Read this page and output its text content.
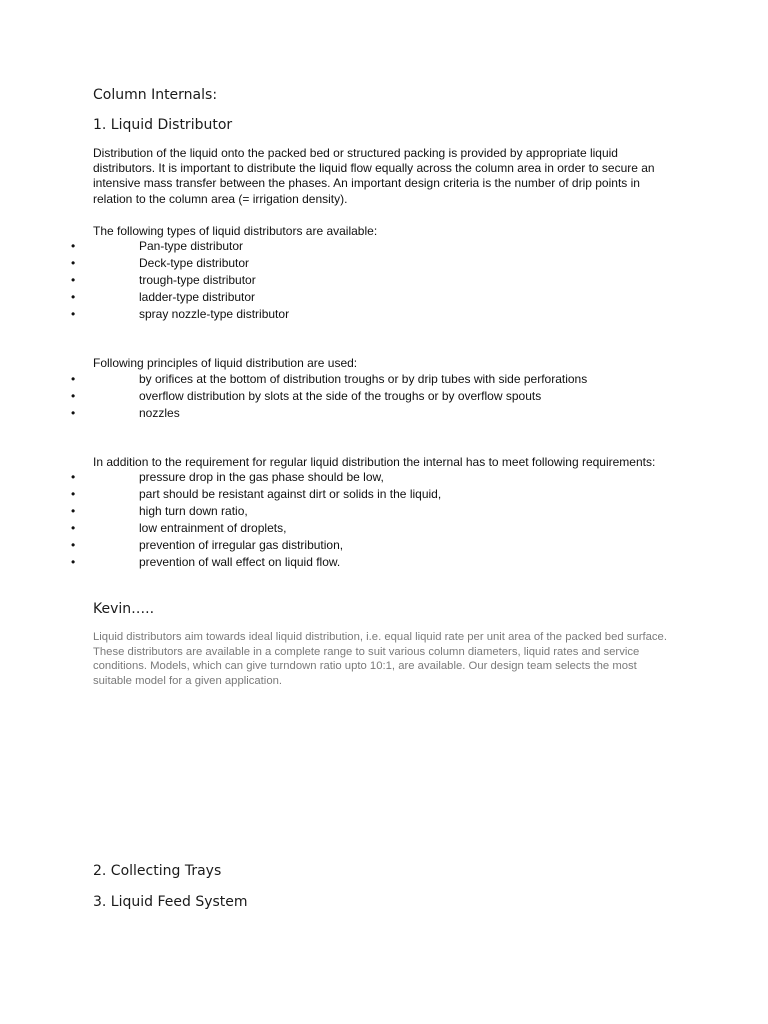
Column Internals:
1. Liquid Distributor
Distribution of the liquid onto the packed bed or structured packing is provided by appropriate liquid distributors. It is important to distribute the liquid flow equally across the column area in order to secure an intensive mass transfer between the phases. An important design criteria is the number of drip points in relation to the column area (= irrigation density).
The following types of liquid distributors are available:
•	Pan-type distributor
•	Deck-type distributor
•	trough-type distributor
•	ladder-type distributor
•	spray nozzle-type distributor
Following principles of liquid distribution are used:
•	by orifices at the bottom of distribution troughs or by drip tubes with side perforations
•	overflow distribution by slots at the side of the troughs or by overflow spouts
•	nozzles
In addition to the requirement for regular liquid distribution the internal has to meet following requirements:
•	pressure drop in the gas phase should be low,
•	part should be resistant against dirt or solids in the liquid,
•	high turn down ratio,
•	low entrainment of droplets,
•	prevention of irregular gas distribution,
•	prevention of wall effect on liquid flow.
Kevin…..
Liquid distributors aim towards ideal liquid distribution, i.e. equal liquid rate per unit area of the packed bed surface. These distributors are available in a complete range to suit various column diameters, liquid rates and service conditions. Models, which can give turndown ratio upto 10:1, are available. Our design team selects the most suitable model for a given application.
2. Collecting Trays
3. Liquid Feed System
